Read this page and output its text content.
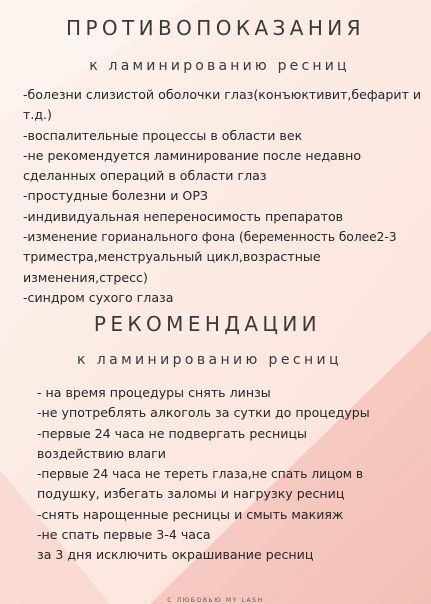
ПРОТИВОПОКАЗАНИЯ
к ламинированию ресниц
-болезни слизистой оболочки глаз(конъюктивит,бефарит и
т.д.)
-воспалительные процессы в области век
-не рекомендуется ламинирование после недавно
сделанных операций в области глаз
-простудные болезни и ОРЗ
-индивидуальная непереносимость препаратов
-изменение горианального фона (беременность более2-3
триместра,менструальный цикл,возрастные
изменения,стресс)
-синдром сухого глаза
РЕКОМЕНДАЦИИ
к ламинированию ресниц
- на время процедуры снять линзы
-не употреблять алкоголь за сутки до процедуры
-первые 24 часа не подвергать ресницы
воздействию влаги
-первые 24 часа не тереть глаза,не спать лицом в
подушку, избегать заломы и нагрузку ресниц
-снять нарощенные ресницы и смыть макияж
-не спать первые 3-4 часа
за 3 дня исключить окрашивание ресниц
С ЛЮБОВЬЮ MY LASH
